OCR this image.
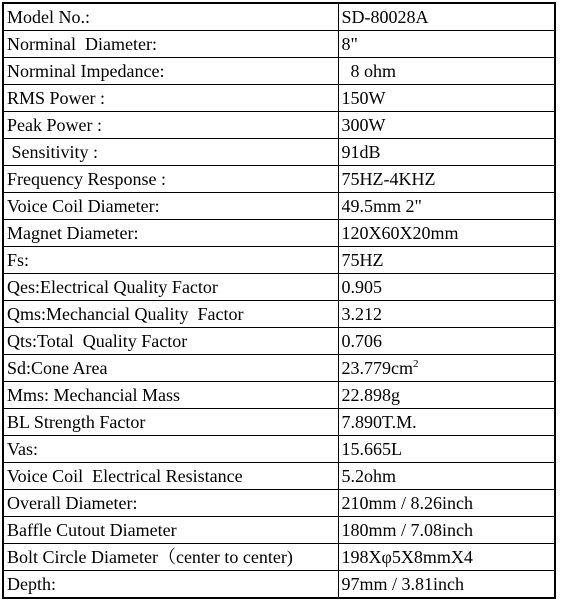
Model No.:	SD-80028A
Norminal  Diameter:	8"
Norminal Impedance:	8 ohm
RMS Power :	150W
Peak Power :	300W
Sensitivity :	91dB
Frequency Response :	75HZ-4KHZ
Voice Coil Diameter:	49.5mm 2"
Magnet Diameter:	120X60X20mm
Fs:	75HZ
Qes:Electrical Quality Factor	0.905
Qms:Mechancial Quality  Factor	3.212
Qts:Total  Quality Factor	0.706
Sd:Cone Area	$23.779cm^2$
Mms: Mechancial Mass	22.898g
BL Strength Factor	7.890T.M.
Vas:	15.665L
Voice Coil  Electrical Resistance	5.2ohm
Overall Diameter:	210mm / 8.26inch
Baffle Cutout Diameter	180mm / 7.08inch
Bolt Circle Diameter（center to center)	198Xφ5X8mmX4
Depth:	97mm / 3.81inch
